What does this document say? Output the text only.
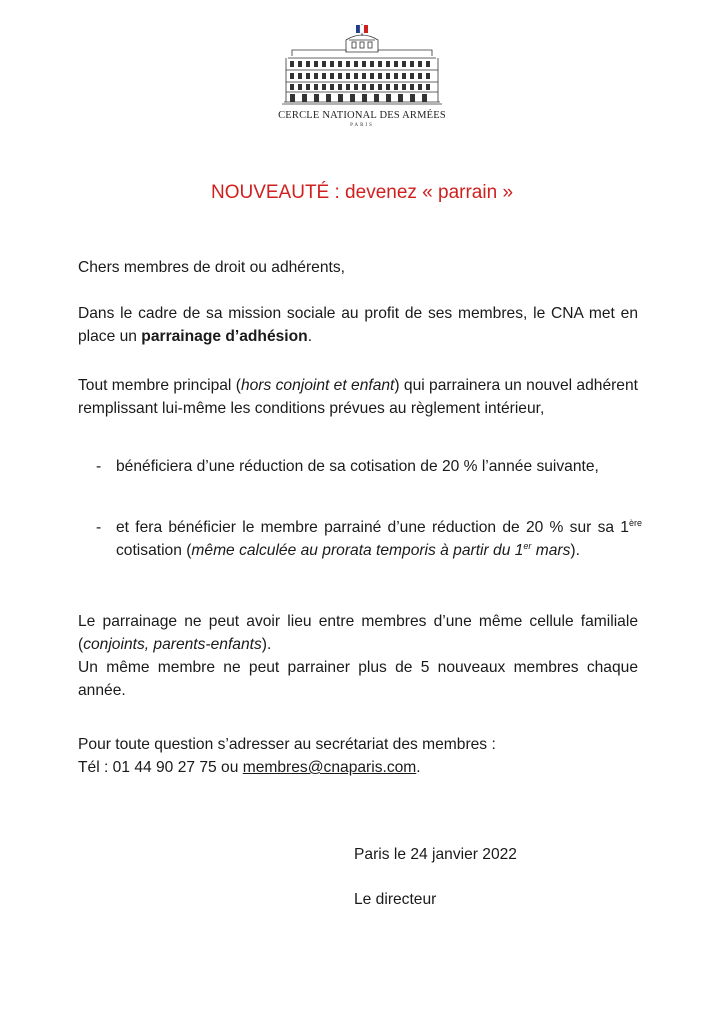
CERCLE NATIONAL DES ARMÉES
PARIS
NOUVEAUTÉ : devenez « parrain »

Chers membres de droit ou adhérents,

Dans le cadre de sa mission sociale au profit de ses membres, le CNA met en place un parrainage d’adhésion.

Tout membre principal (hors conjoint et enfant) qui parrainera un nouvel adhérent remplissant lui-même les conditions prévues au règlement intérieur,

- bénéficiera d’une réduction de sa cotisation de 20 % l’année suivante,
- et fera bénéficier le membre parrainé d’une réduction de 20 % sur sa 1ère cotisation (même calculée au prorata temporis à partir du 1er mars).

Le parrainage ne peut avoir lieu entre membres d’une même cellule familiale (conjoints, parents-enfants).

Un même membre ne peut parrainer plus de 5 nouveaux membres chaque année.

Pour toute question s’adresser au secrétariat des membres :

Tél : 01 44 90 27 75 ou membres@cnaparis.com.

Paris le 24 janvier 2022
Le directeur
